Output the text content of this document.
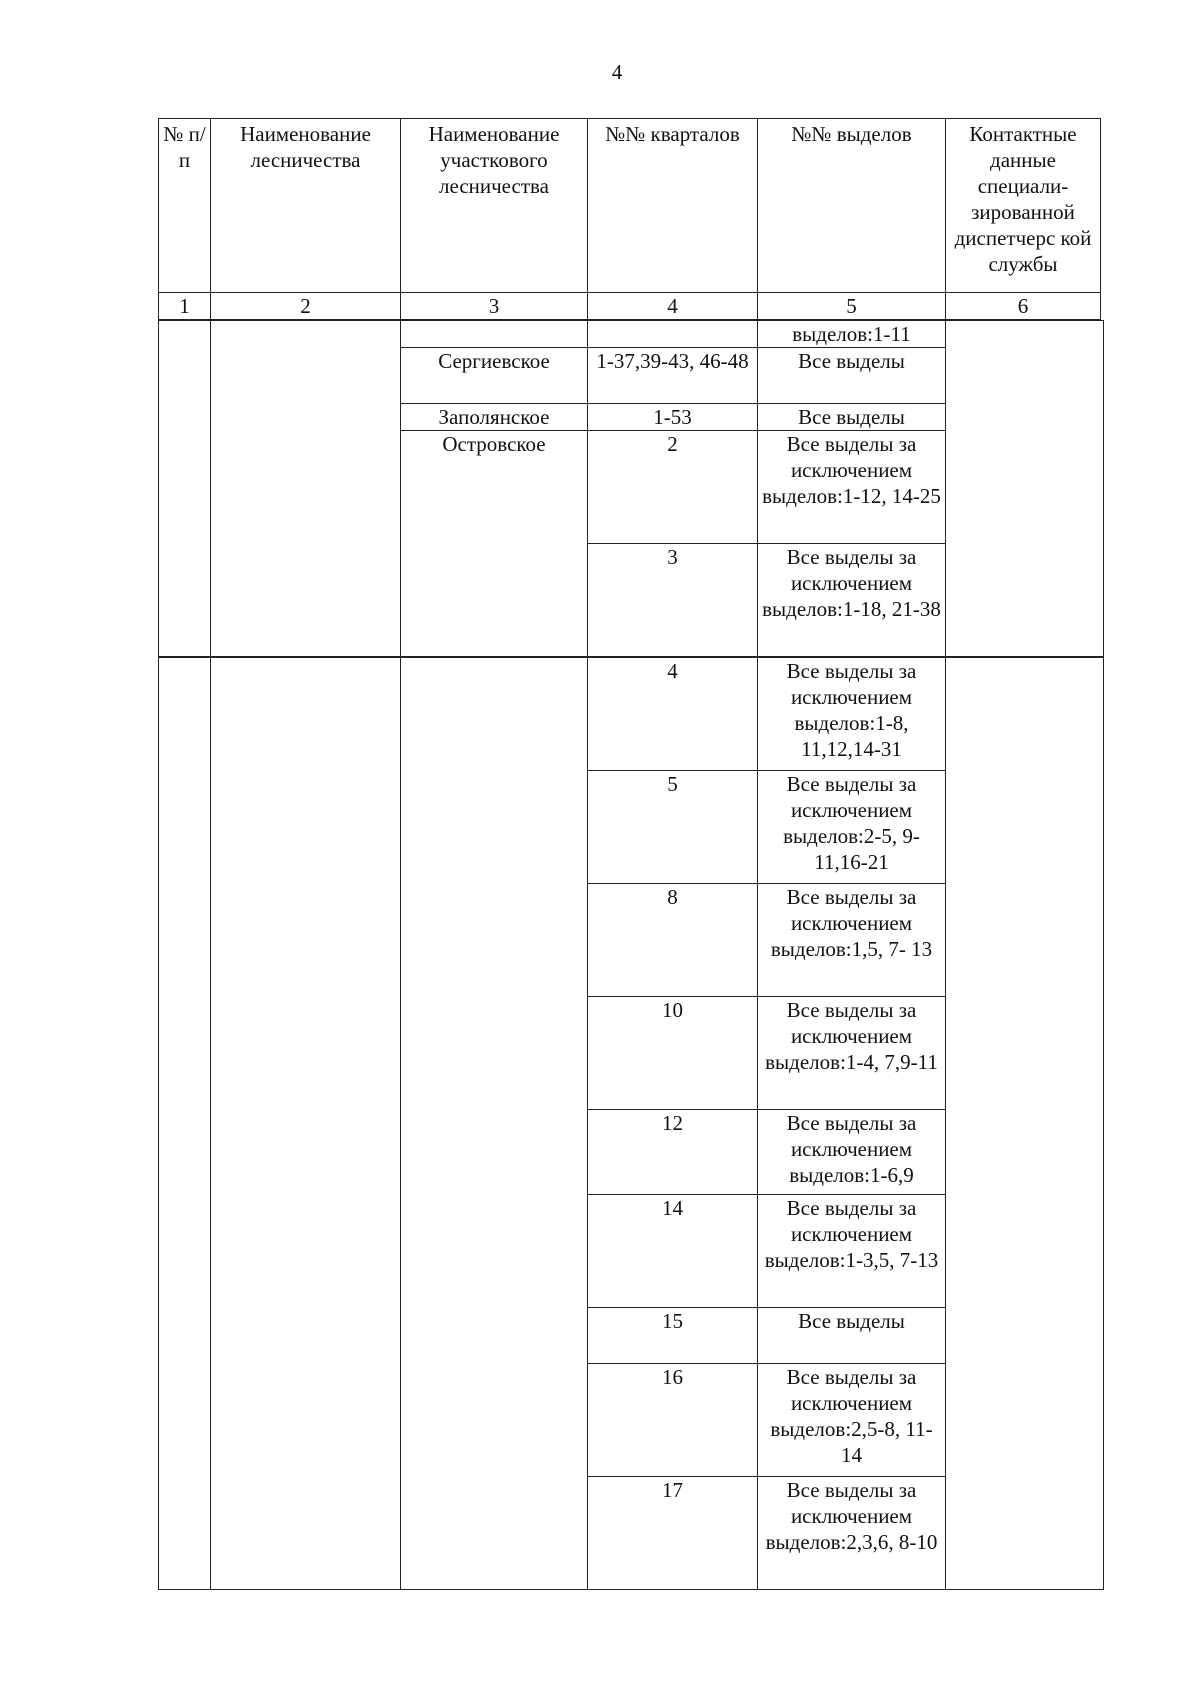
4
№ п/п	Наименование лесничества	Наименование участкового лесничества	№№ кварталов	№№ выделов	Контактные данные специали- зированной диспетчерс кой службы
1	2	3	4	5	6
				выделов:1-11	
		Сергиевское	1-37,39-43, 46-48	Все выделы	
		Заполянское	1-53	Все выделы	
		Островское	2	Все выделы за исключением выделов:1-12, 14-25	
			3	Все выделы за исключением выделов:1-18, 21-38	
			4	Все выделы за исключением выделов:1-8, 11,12,14-31	
			5	Все выделы за исключением выделов:2-5, 9- 11,16-21	
			8	Все выделы за исключением выделов:1,5, 7- 13	
			10	Все выделы за исключением выделов:1-4, 7,9-11	
			12	Все выделы за исключением выделов:1-6,9	
			14	Все выделы за исключением выделов:1-3,5, 7-13	
			15	Все выделы	
			16	Все выделы за исключением выделов:2,5-8, 11-14	
			17	Все выделы за исключением выделов:2,3,6, 8-10	
